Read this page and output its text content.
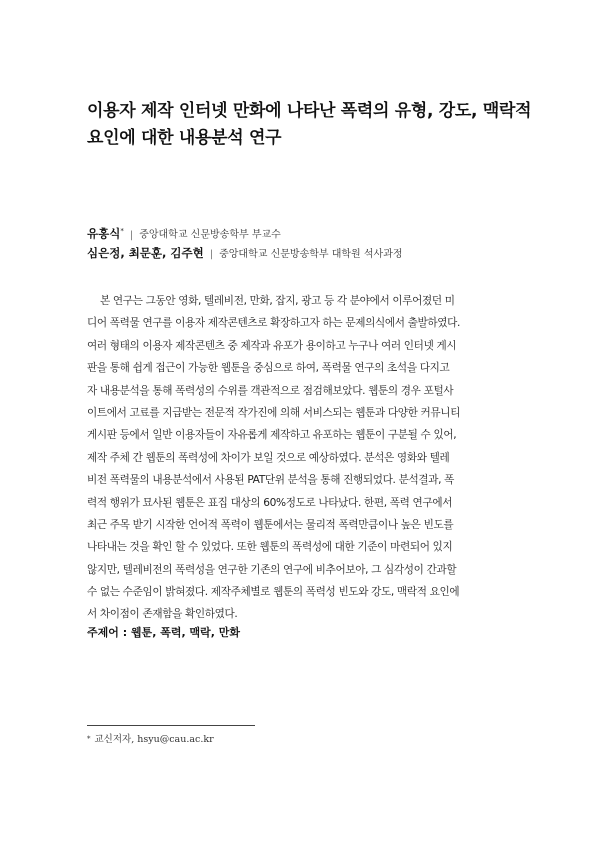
이용자 제작 인터넷 만화에 나타난 폭력의 유형, 강도, 맥락적
요인에 대한 내용분석 연구
유홍식* | 중앙대학교 신문방송학부 부교수
심은정, 최문훈, 김주현 | 중앙대학교 신문방송학부 대학원 석사과정
본 연구는 그동안 영화, 텔레비전, 만화, 잡지, 광고 등 각 분야에서 이루어졌던 미
디어 폭력물 연구를 이용자 제작콘텐츠로 확장하고자 하는 문제의식에서 출발하였다.
여러 형태의 이용자 제작콘텐츠 중 제작과 유포가 용이하고 누구나 여러 인터넷 게시
판을 통해 쉽게 접근이 가능한 웹툰을 중심으로 하여, 폭력물 연구의 초석을 다지고
자 내용분석을 통해 폭력성의 수위를 객관적으로 점검해보았다. 웹툰의 경우 포털사
이트에서 고료를 지급받는 전문적 작가진에 의해 서비스되는 웹툰과 다양한 커뮤니티
게시판 등에서 일반 이용자들이 자유롭게 제작하고 유포하는 웹툰이 구분될 수 있어,
제작 주체 간 웹툰의 폭력성에 차이가 보일 것으로 예상하였다. 분석은 영화와 텔레
비전 폭력물의 내용분석에서 사용된 PAT단위 분석을 통해 진행되었다. 분석결과, 폭
력적 행위가 묘사된 웹툰은 표집 대상의 60%정도로 나타났다. 한편, 폭력 연구에서
최근 주목 받기 시작한 언어적 폭력이 웹툰에서는 물리적 폭력만큼이나 높은 빈도를
나타내는 것을 확인 할 수 있었다. 또한 웹툰의 폭력성에 대한 기준이 마련되어 있지
않지만, 텔레비전의 폭력성을 연구한 기존의 연구에 비추어보아, 그 심각성이 간과할
수 없는 수준임이 밝혀졌다. 제작주체별로 웹툰의 폭력성 빈도와 강도, 맥락적 요인에
서 차이점이 존재함을 확인하였다.
주제어 : 웹툰, 폭력, 맥락, 만화
* 교신저자, hsyu@cau.ac.kr
